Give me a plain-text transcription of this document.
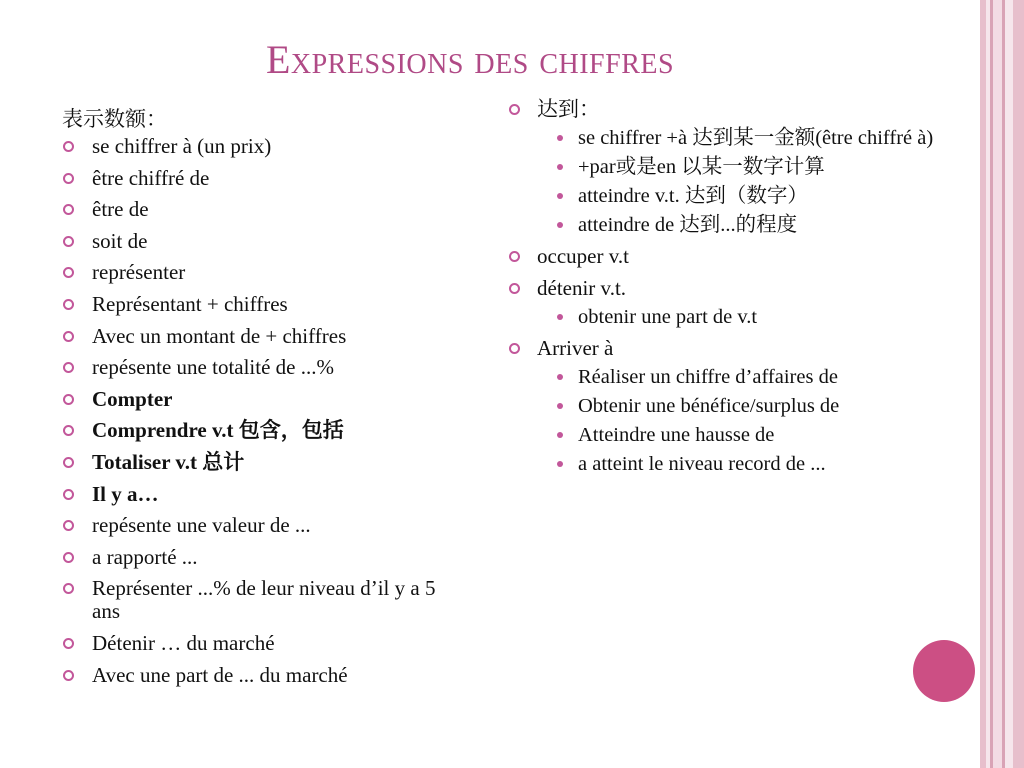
Expressions des chiffres
表示数额：
se chiffrer à (un prix)
être chiffré de
être de
soit de
représenter
Représentant + chiffres
Avec un montant de + chiffres
repésente une totalité de ...%
Compter
Comprendre v.t 包含，包括
Totaliser v.t 总计
Il y a…
repésente une valeur de ...
a rapporté ...
Représenter ...% de leur niveau d’il y a 5 ans
Détenir … du marché
Avec une part de ... du marché
达到：
se chiffrer +à 达到某一金额(être chiffré à)
+par或是en 以某一数字计算
atteindre v.t. 达到（数字）
atteindre de 达到...的程度
occuper v.t
détenir v.t.
obtenir une part de v.t
Arriver à
Réaliser un chiffre d’affaires de
Obtenir une bénéfice/surplus de
Atteindre une hausse de
a atteint le niveau record de ...
